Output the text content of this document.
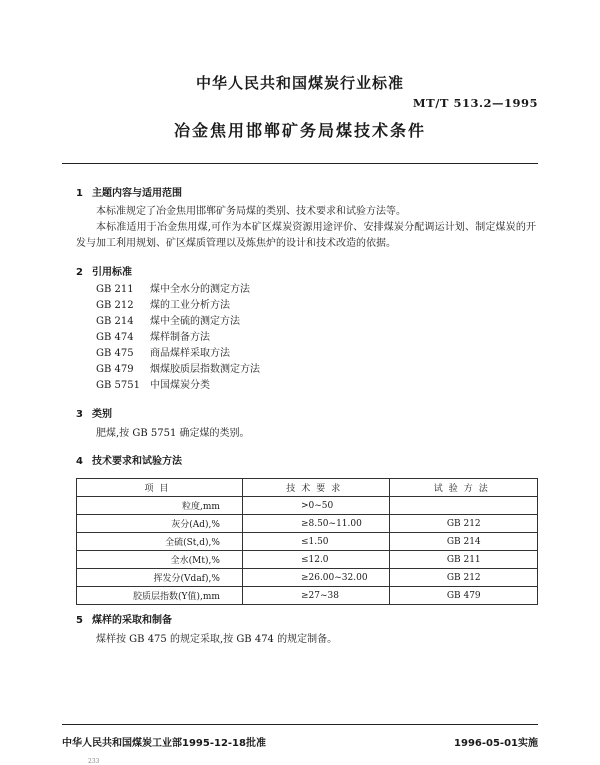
中华人民共和国煤炭行业标准
MT/T 513.2—1995
冶金焦用邯郸矿务局煤技术条件
1 主题内容与适用范围
本标准规定了冶金焦用邯郸矿务局煤的类别、技术要求和试验方法等。
本标准适用于冶金焦用煤,可作为本矿区煤炭资源用途评价、安排煤炭分配调运计划、制定煤炭的开发与加工利用规划、矿区煤质管理以及炼焦炉的设计和技术改造的依据。
2 引用标准
GB 211 煤中全水分的测定方法
GB 212 煤的工业分析方法
GB 214 煤中全硫的测定方法
GB 474 煤样制备方法
GB 475 商品煤样采取方法
GB 479 烟煤胶质层指数测定方法
GB 5751 中国煤炭分类
3 类别
肥煤,按 GB 5751 确定煤的类别。
4 技术要求和试验方法
项目	技术要求	试验方法
粒度,mm	>0~50	
灰分(Ad),%	≥8.50~11.00	GB 212
全硫(St,d),%	≤1.50	GB 214
全水(Mt),%	≤12.0	GB 211
挥发分(Vdaf),%	≥26.00~32.00	GB 212
胶质层指数(Y值),mm	≥27~38	GB 479
5 煤样的采取和制备
煤样按 GB 475 的规定采取,按 GB 474 的规定制备。
中华人民共和国煤炭工业部1995-12-18批准	1996-05-01实施
233
